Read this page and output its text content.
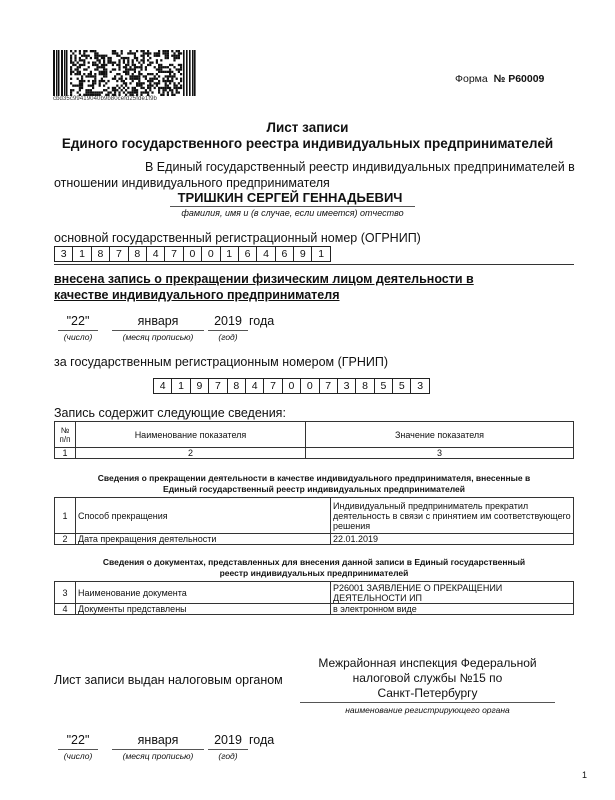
cbd35c99419040b9b80cefd25fde1f9b
Форма № Р60009
Лист записи
Единого государственного реестра индивидуальных предпринимателей
В Единый государственный реестр индивидуальных предпринимателей в
отношении индивидуального предпринимателя
ТРИШКИН СЕРГЕЙ ГЕННАДЬЕВИЧ
фамилия, имя и (в случае, если имеется) отчество
основной государственный регистрационный номер (ОГРНИП)
3	1	8	7	8	4	7	0	0	1	6	4	6	9	1
внесена запись о прекращении физическим лицом деятельности в
качестве индивидуального предпринимателя
"22"
(число)
января
(месяц прописью)
2019
(год)
года
за государственным регистрационным номером (ГРНИП)
4	1	9	7	8	4	7	0	0	7	3	8	5	5	3
Запись содержит следующие сведения:
№ п/п	Наименование показателя	Значение показателя
1	2	3
Сведения о прекращении деятельности в качестве индивидуального предпринимателя, внесенные в
Единый государственный реестр индивидуальных предпринимателей
1	Способ прекращения	Индивидуальный предприниматель прекратил деятельность в связи с принятием им соответствующего решения
2	Дата прекращения деятельности	22.01.2019
Сведения о документах, представленных для внесения данной записи в Единый государственный
реестр индивидуальных предпринимателей
3	Наименование документа	Р26001 ЗАЯВЛЕНИЕ О ПРЕКРАЩЕНИИ ДЕЯТЕЛЬНОСТИ ИП
4	Документы представлены	в электронном виде
Лист записи выдан налоговым органом
Межрайонная инспекция Федеральной
налоговой службы №15 по
Санкт-Петербургу
наименование регистрирующего органа
"22"
(число)
января
(месяц прописью)
2019
(год)
года
1
